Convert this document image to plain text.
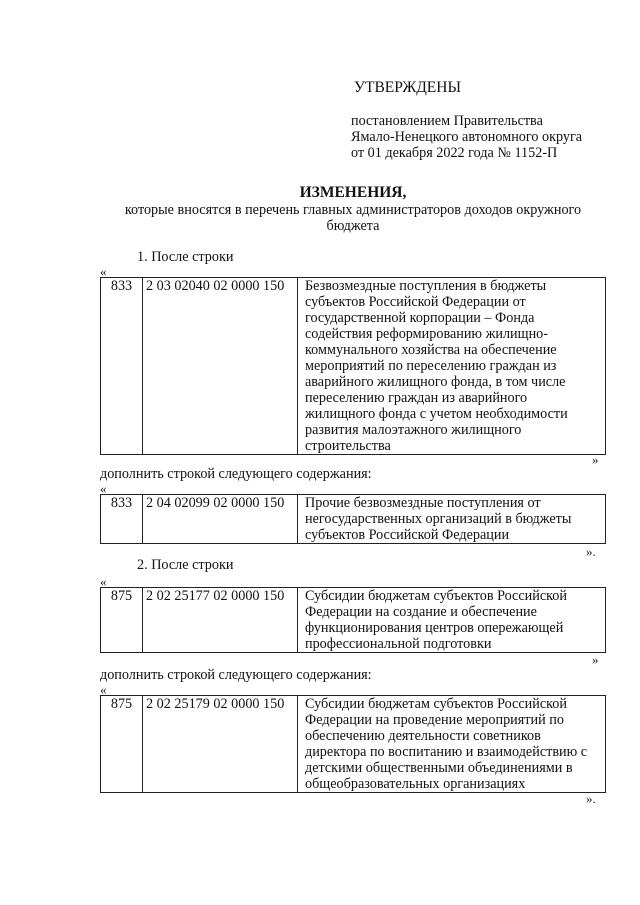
УТВЕРЖДЕНЫ
постановлением Правительства
Ямало-Ненецкого автономного округа
от 01 декабря 2022 года № 1152-П
ИЗМЕНЕНИЯ,
которые вносятся в перечень главных администраторов доходов окружного
бюджета
1. После строки
«
833	2 03 02040 02 0000 150	Безвозмездные поступления в бюджеты
субъектов Российской Федерации от
государственной корпорации – Фонда
содействия реформированию жилищно-
коммунального хозяйства на обеспечение
мероприятий по переселению граждан из
аварийного жилищного фонда, в том числе
переселению граждан из аварийного
жилищного фонда с учетом необходимости
развития малоэтажного жилищного
строительства
»
дополнить строкой следующего содержания:
«
833	2 04 02099 02 0000 150	Прочие безвозмездные поступления от
негосударственных организаций в бюджеты
субъектов Российской Федерации
».
2. После строки
«
875	2 02 25177 02 0000 150	Субсидии бюджетам субъектов Российской
Федерации на создание и обеспечение
функционирования центров опережающей
профессиональной подготовки
»
дополнить строкой следующего содержания:
«
875	2 02 25179 02 0000 150	Субсидии бюджетам субъектов Российской
Федерации на проведение мероприятий по
обеспечению деятельности советников
директора по воспитанию и взаимодействию с
детскими общественными объединениями в
общеобразовательных организациях
».
